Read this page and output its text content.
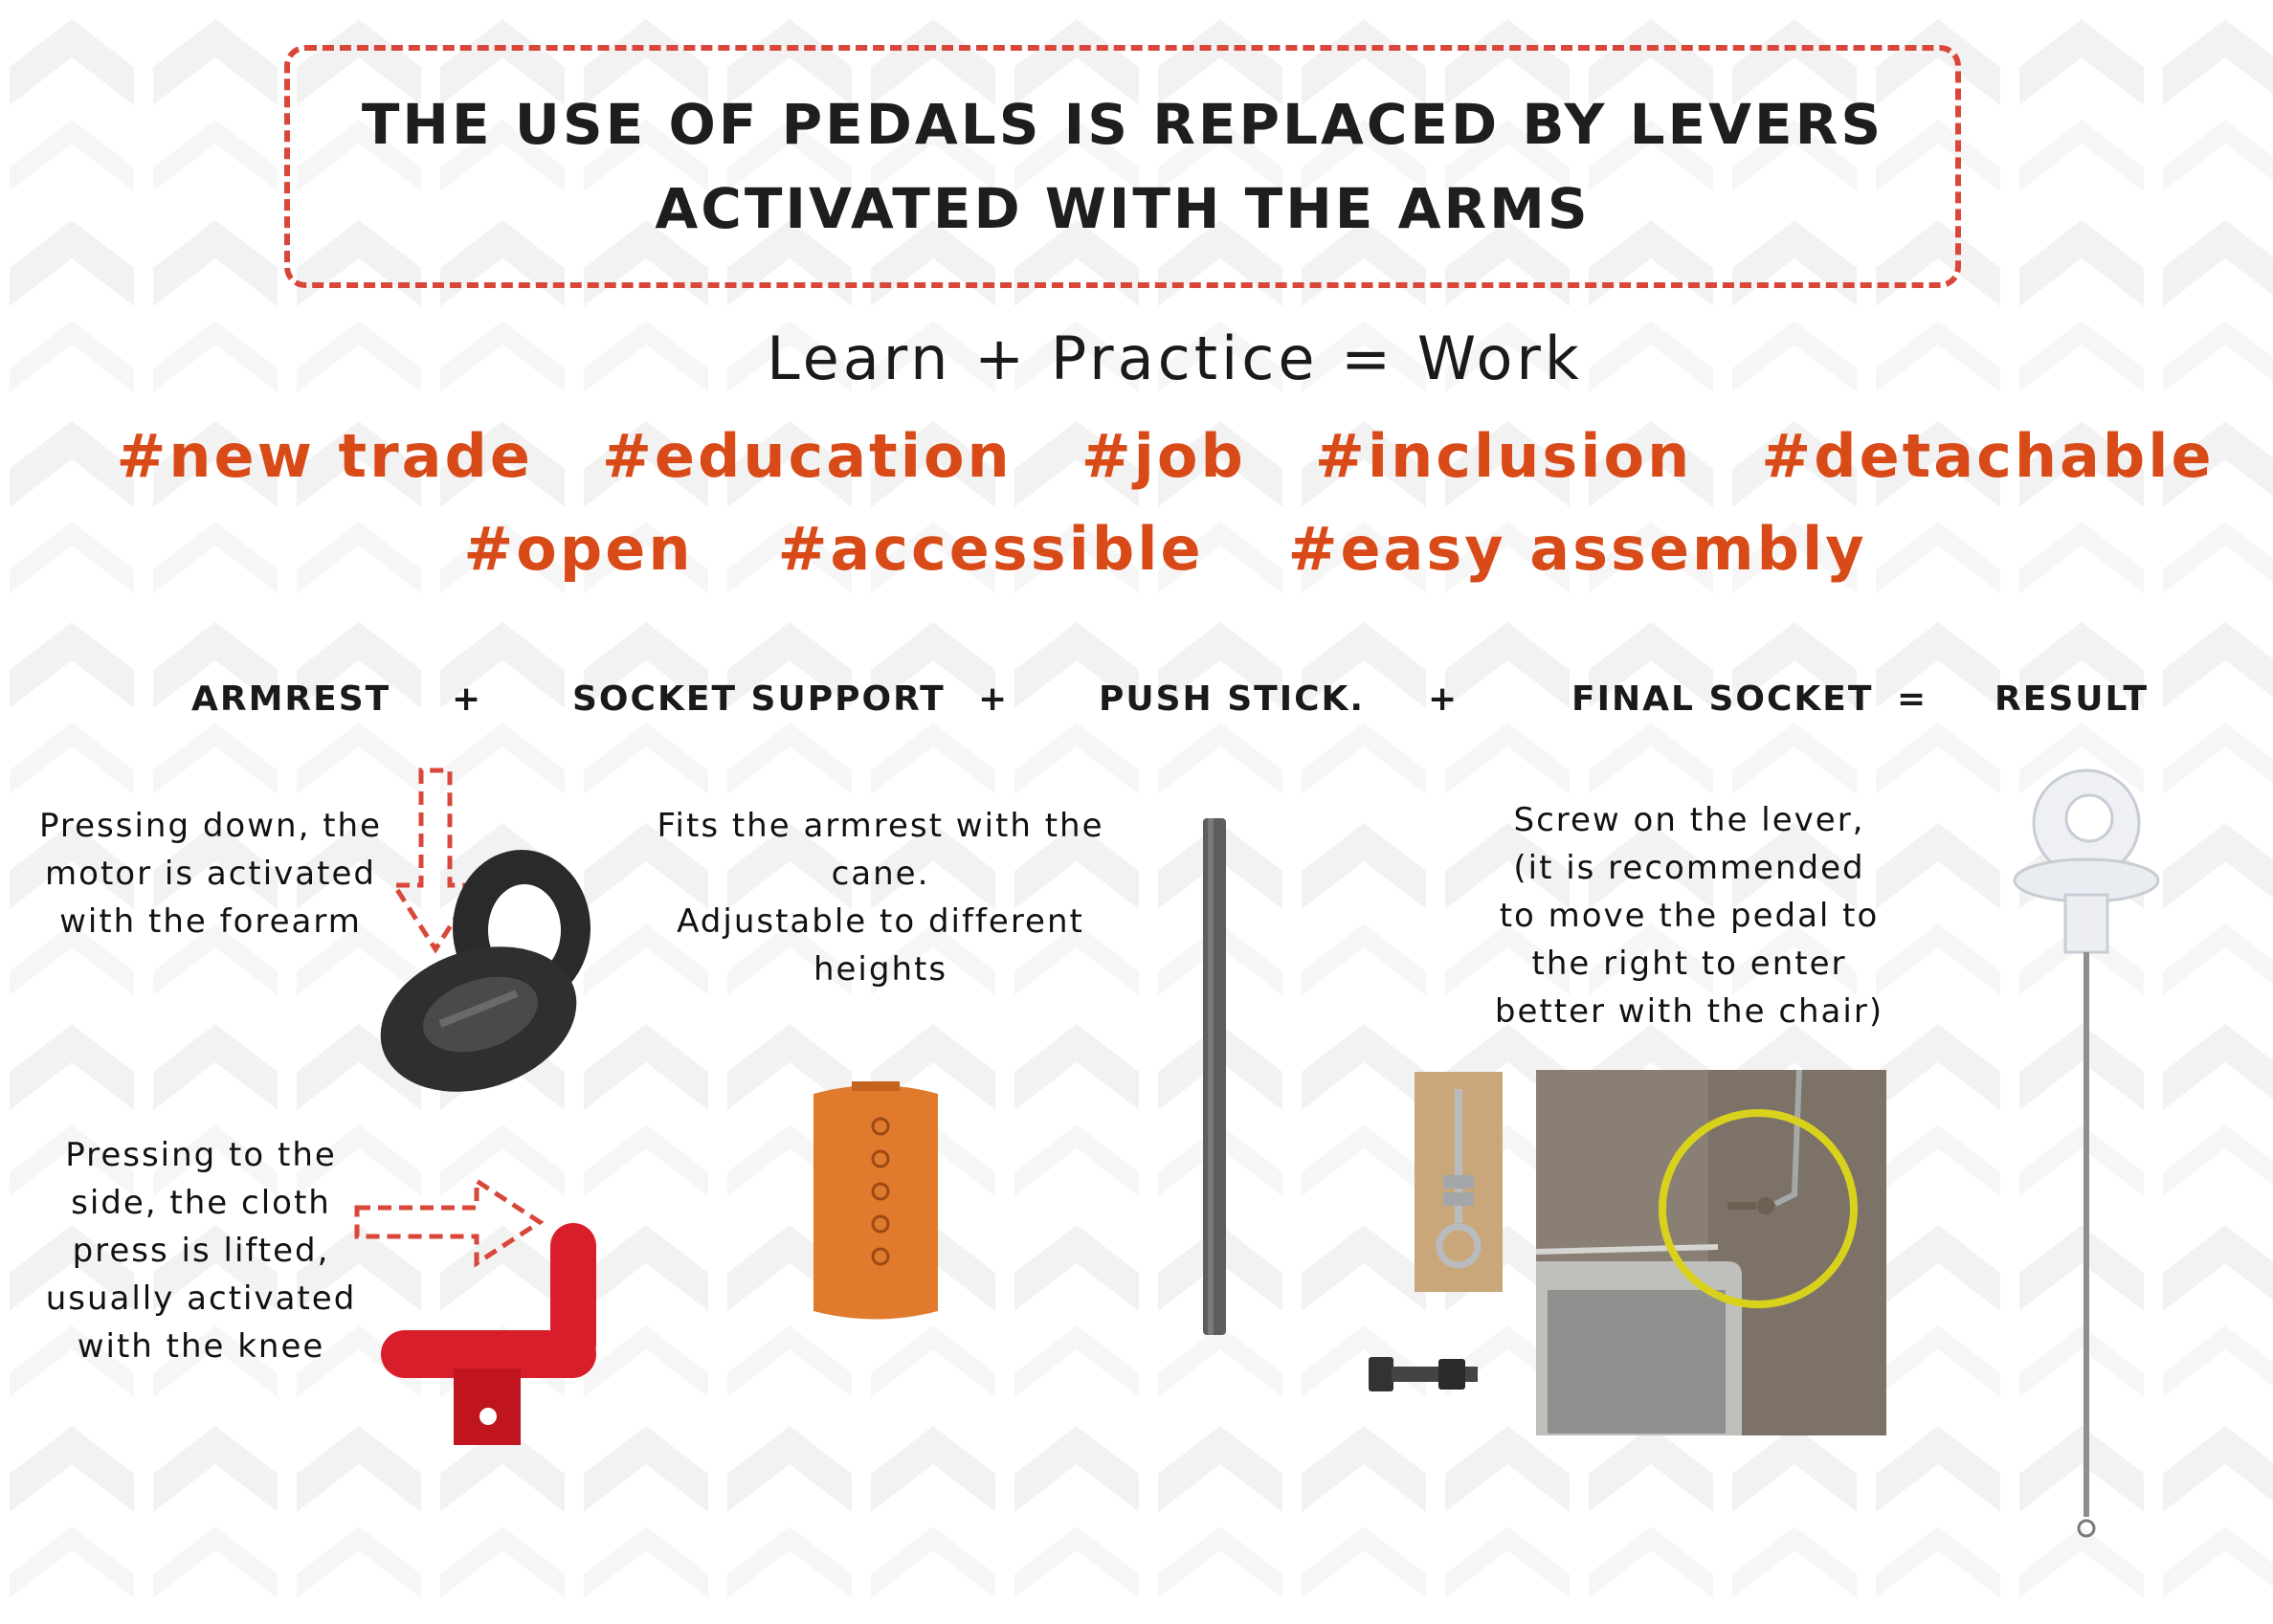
THE USE OF PEDALS IS REPLACED BY LEVERS
ACTIVATED WITH THE ARMS
Learn + Practice = Work
#new trade #education #job #inclusion #detachable
#open #accessible #easy assembly
ARMREST +	SOCKET SUPPORT +	PUSH STICK. +	FINAL SOCKET = RESULT
Pressing down, the
motor is activated
with the forearm
Pressing to the
side, the cloth
press is lifted,
usually activated
with the knee
Fits the armrest with the
cane.
Adjustable to different
heights
Screw on the lever,
(it is recommended
to move the pedal to
the right to enter
better with the chair)
